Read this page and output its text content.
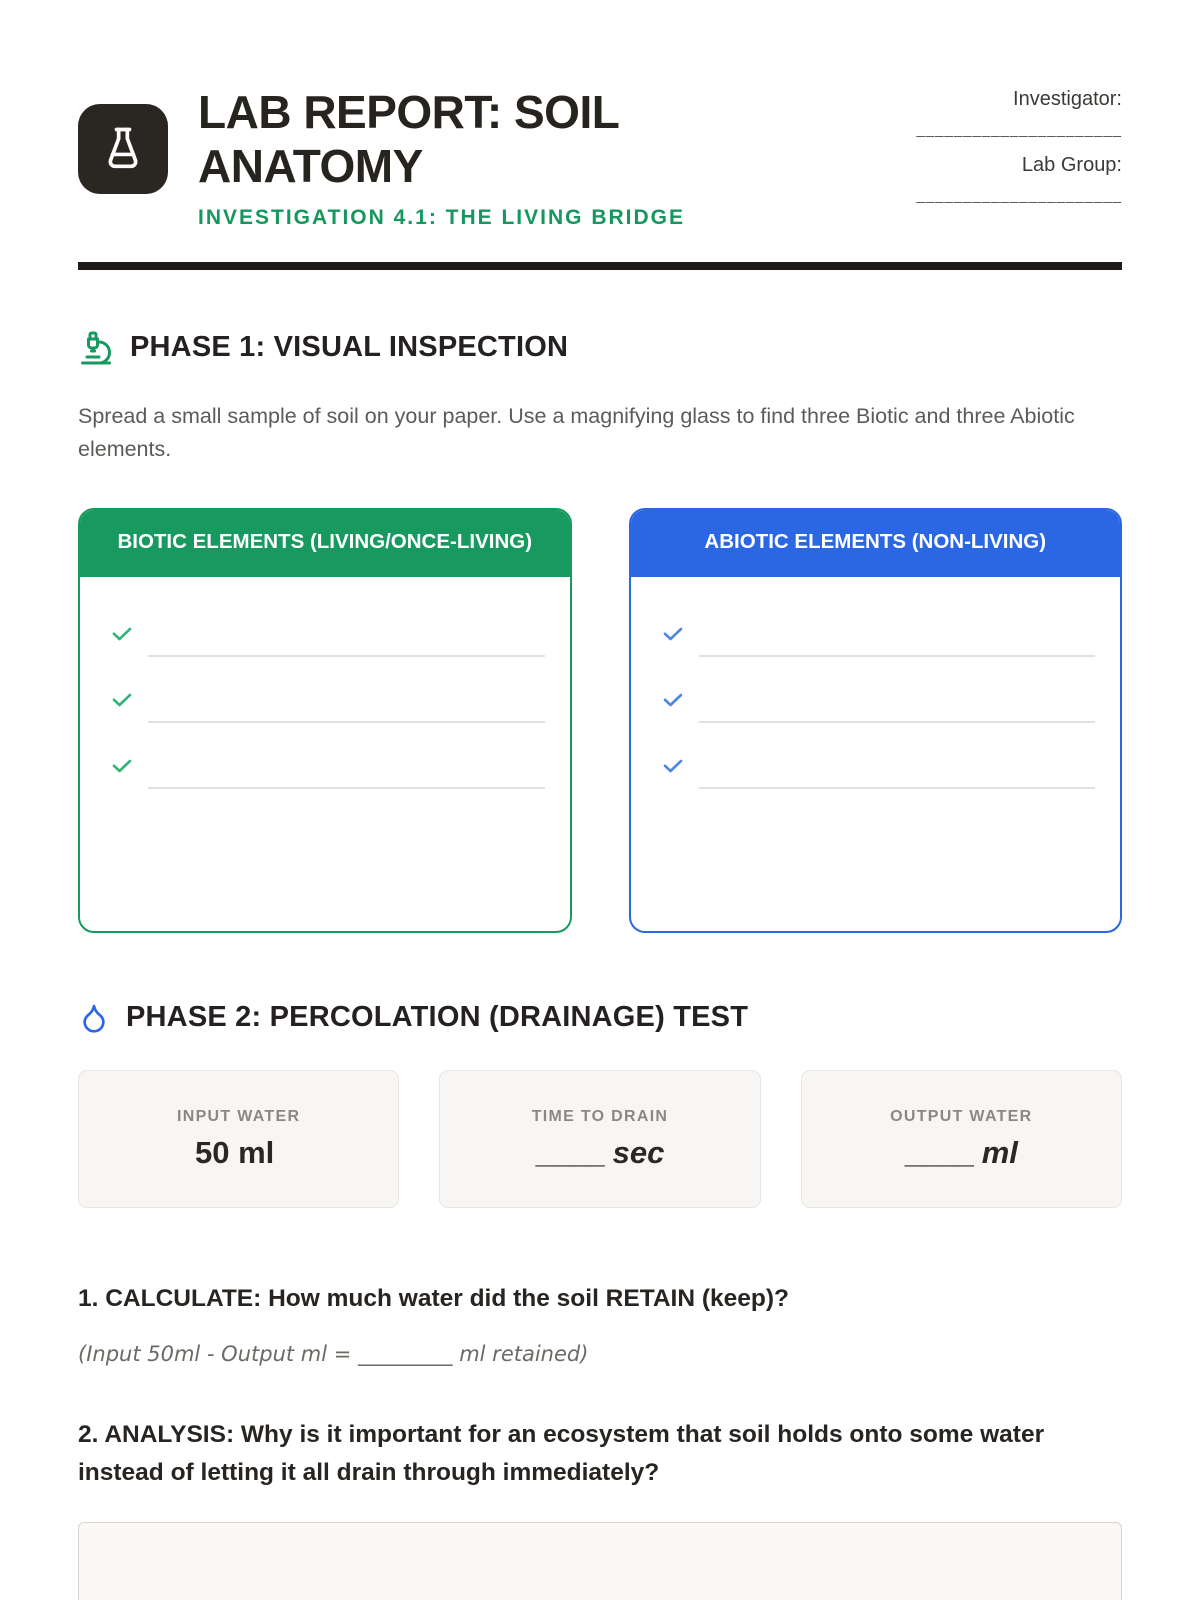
LAB REPORT: SOIL ANATOMY
INVESTIGATION 4.1: THE LIVING BRIDGE
Investigator:
______________________
Lab Group:
______________________
PHASE 1: VISUAL INSPECTION

Spread a small sample of soil on your paper. Use a magnifying glass to find three Biotic and three Abiotic elements.

BIOTIC ELEMENTS (LIVING/ONCE-LIVING)	ABIOTIC ELEMENTS (NON-LIVING)
PHASE 2: PERCOLATION (DRAINAGE) TEST
INPUT WATER
50 ml
TIME TO DRAIN
____ sec
OUTPUT WATER
____ ml
1. CALCULATE: How much water did the soil RETAIN (keep)?
(Input 50ml - Output ml = _________ ml retained)
2. ANALYSIS: Why is it important for an ecosystem that soil holds onto some water instead of letting it all drain through immediately?
